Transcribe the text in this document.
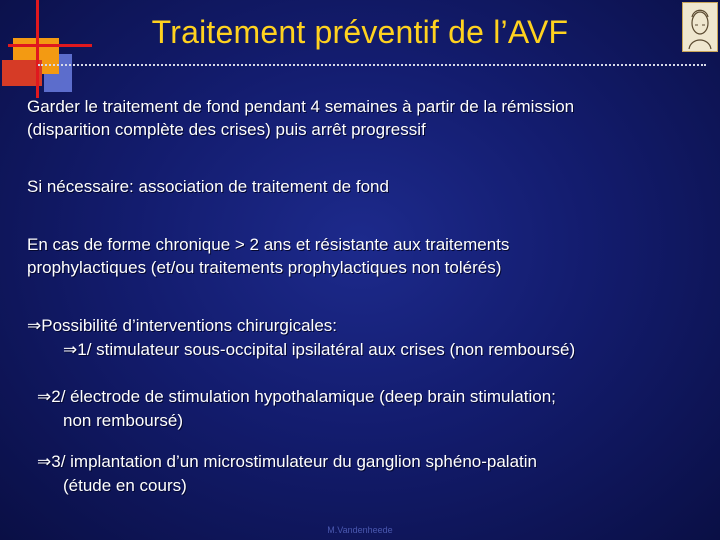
Traitement préventif de l’AVF
Garder le traitement de fond pendant 4 semaines à partir de la rémission
(disparition complète des crises) puis arrêt progressif
Si nécessaire: association de traitement de fond
En cas de forme chronique > 2 ans et résistante aux traitements
prophylactiques (et/ou traitements prophylactiques non tolérés)
⇒Possibilité d’interventions chirurgicales:
⇒1/ stimulateur sous-occipital ipsilatéral aux crises (non remboursé)
⇒2/ électrode de stimulation hypothalamique (deep brain stimulation;
non remboursé)
⇒3/ implantation d’un microstimulateur du ganglion sphéno-palatin
(étude en cours)
M.Vandenheede
